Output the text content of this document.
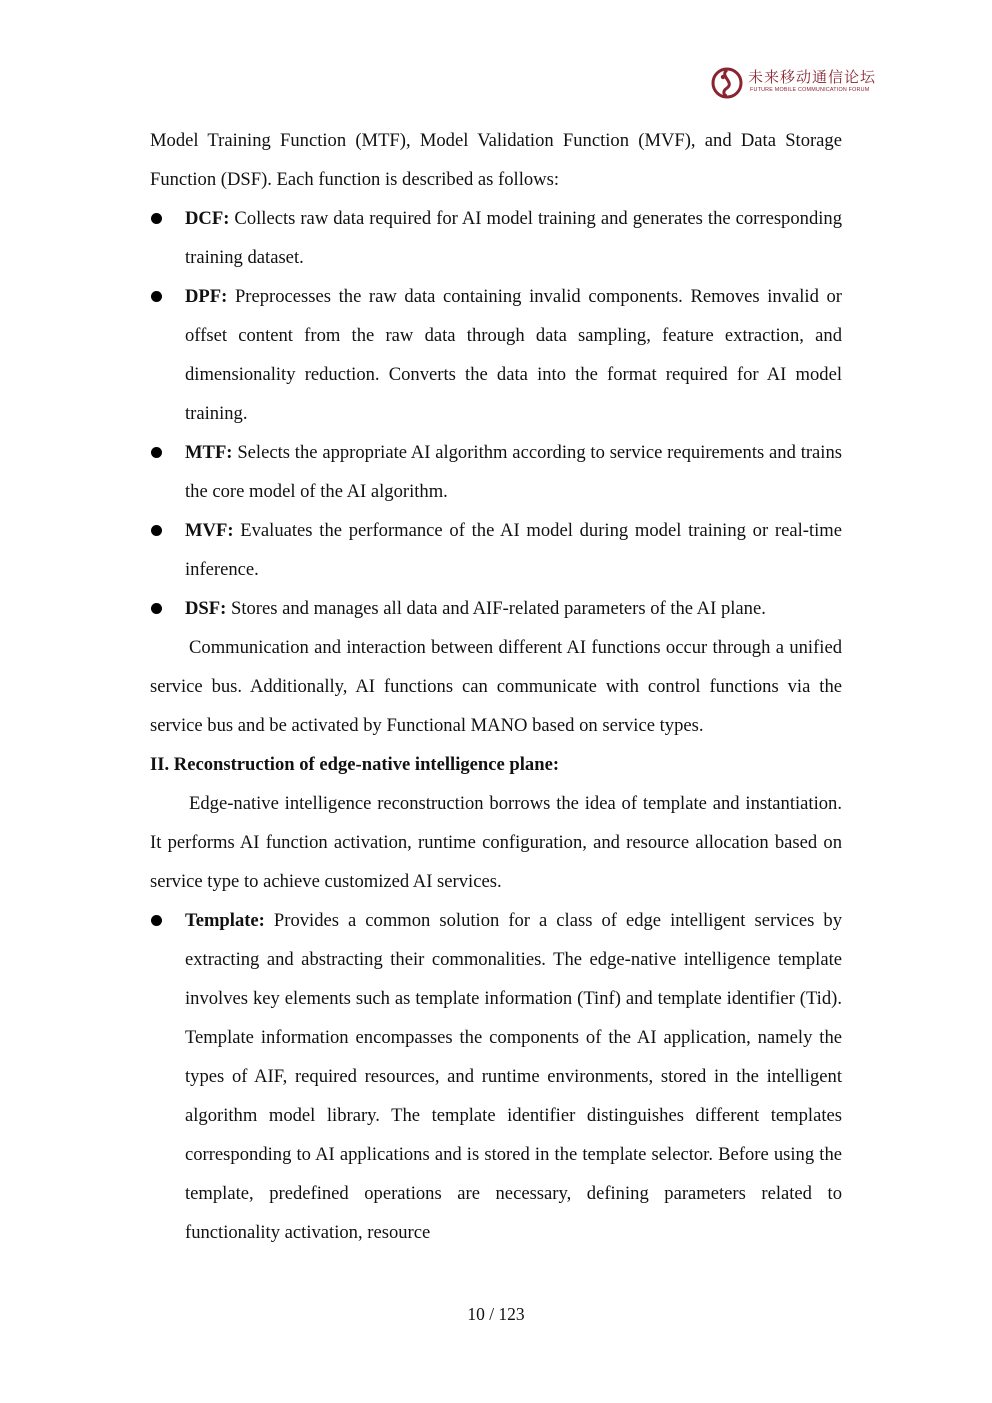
未来移动通信论坛
FUTURE MOBILE COMMUNICATION FORUM

Model Training Function (MTF), Model Validation Function (MVF), and Data Storage Function (DSF). Each function is described as follows:

DCF: Collects raw data required for AI model training and generates the corresponding training dataset.
DPF: Preprocesses the raw data containing invalid components. Removes invalid or offset content from the raw data through data sampling, feature extraction, and dimensionality reduction. Converts the data into the format required for AI model training.
MTF: Selects the appropriate AI algorithm according to service requirements and trains the core model of the AI algorithm.
MVF: Evaluates the performance of the AI model during model training or real-time inference.
DSF: Stores and manages all data and AIF-related parameters of the AI plane.

Communication and interaction between different AI functions occur through a unified service bus. Additionally, AI functions can communicate with control functions via the service bus and be activated by Functional MANO based on service types.

II. Reconstruction of edge-native intelligence plane:

Edge-native intelligence reconstruction borrows the idea of template and instantiation. It performs AI function activation, runtime configuration, and resource allocation based on service type to achieve customized AI services.

Template: Provides a common solution for a class of edge intelligent services by extracting and abstracting their commonalities. The edge-native intelligence template involves key elements such as template information (Tinf) and template identifier (Tid). Template information encompasses the components of the AI application, namely the types of AIF, required resources, and runtime environments, stored in the intelligent algorithm model library. The template identifier distinguishes different templates corresponding to AI applications and is stored in the template selector. Before using the template, predefined operations are necessary, defining parameters related to functionality activation, resource
10 / 123
